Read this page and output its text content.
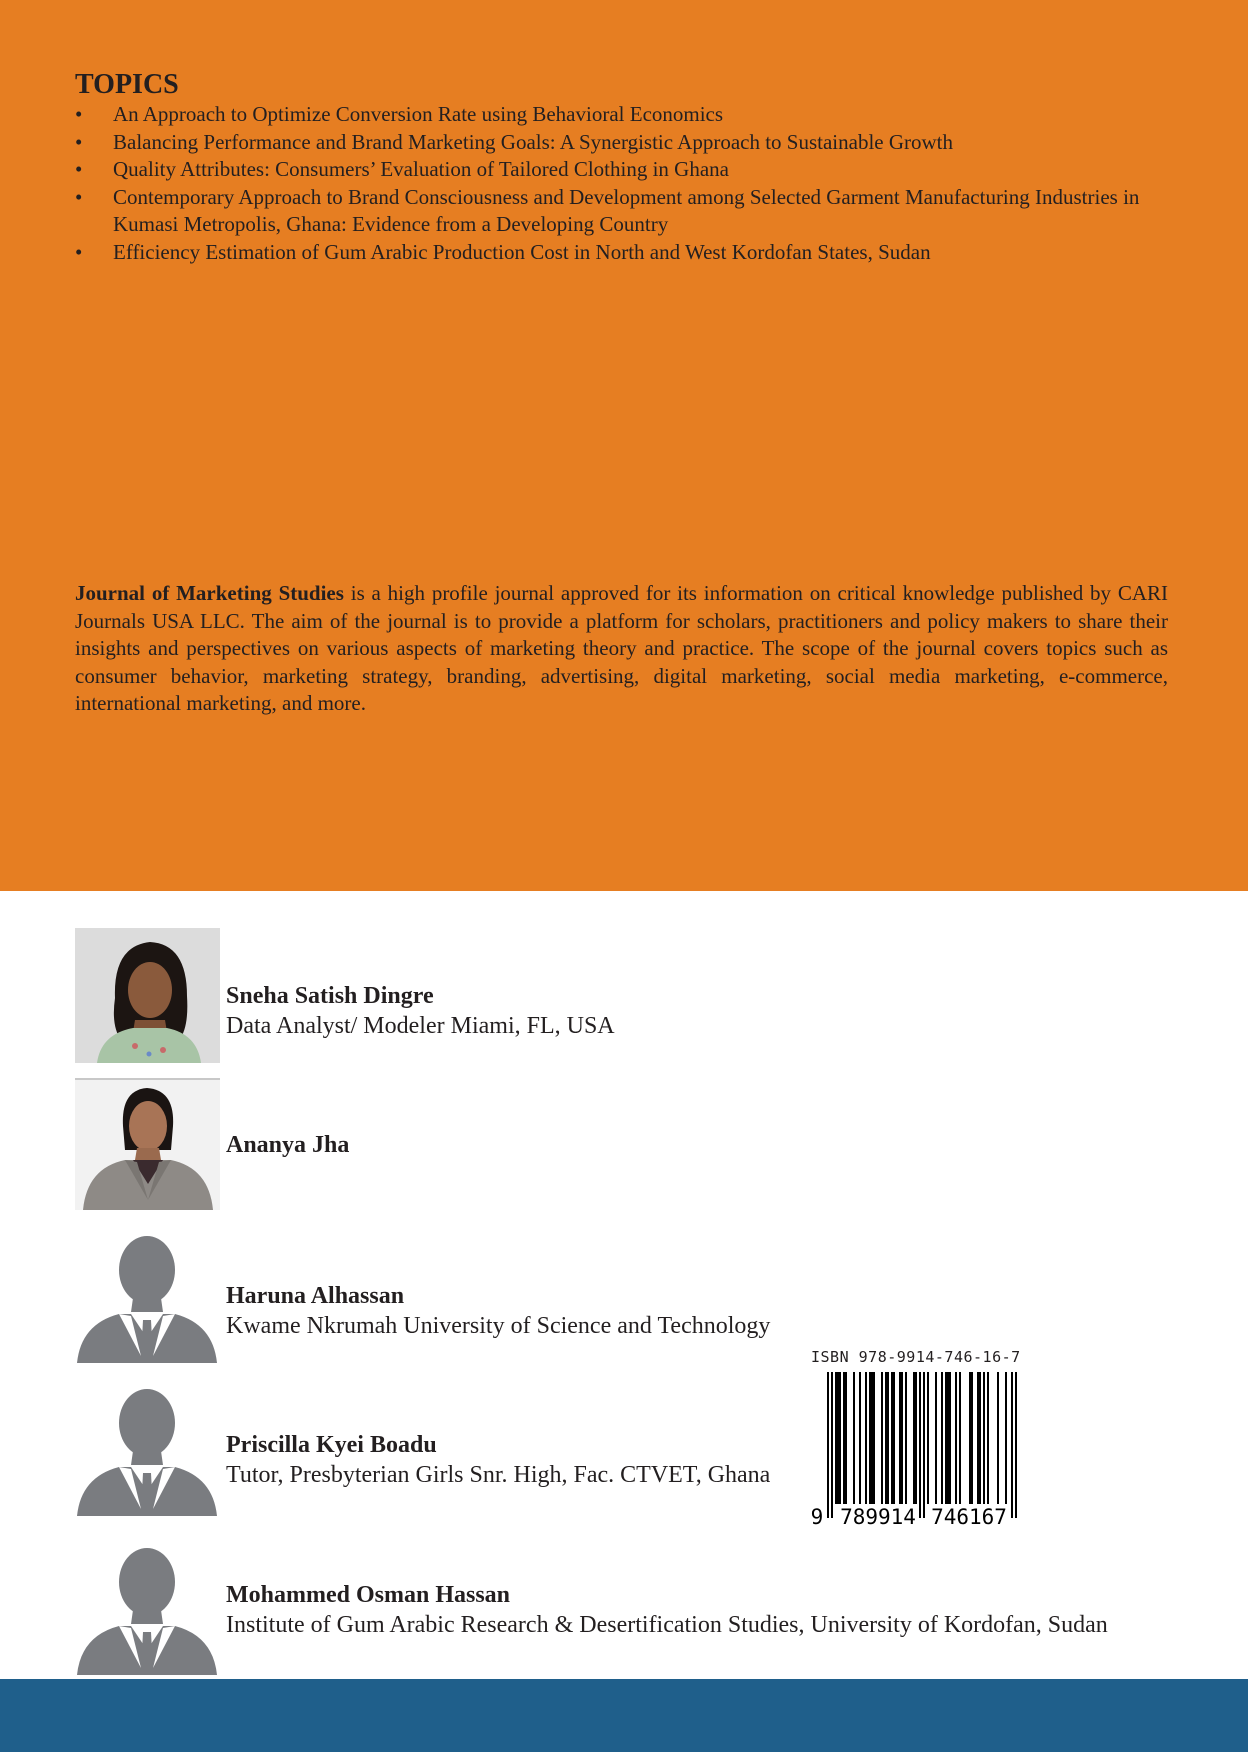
TOPICS
• An Approach to Optimize Conversion Rate using Behavioral Economics
• Balancing Performance and Brand Marketing Goals: A Synergistic Approach to Sustainable Growth
• Quality Attributes: Consumers’ Evaluation of Tailored Clothing in Ghana
• Contemporary Approach to Brand Consciousness and Development among Selected Garment Manufacturing Industries in Kumasi Metropolis, Ghana: Evidence from a Developing Country
• Efficiency Estimation of Gum Arabic Production Cost in North and West Kordofan States, Sudan

Journal of Marketing Studies is a high profile journal approved for its information on critical knowledge published by CARI Journals USA LLC. The aim of the journal is to provide a platform for scholars, practitioners and policy makers to share their insights and perspectives on various aspects of marketing theory and practice. The scope of the journal covers topics such as consumer behavior, marketing strategy, branding, advertising, digital marketing, social media marketing, e-commerce, international marketing, and more.

Sneha Satish Dingre
Data Analyst/ Modeler Miami, FL, USA
Ananya Jha
Haruna Alhassan
Kwame Nkrumah University of Science and Technology
Priscilla Kyei Boadu
Tutor, Presbyterian Girls Snr. High, Fac. CTVET, Ghana
Mohammed Osman Hassan
Institute of Gum Arabic Research & Desertification Studies, University of Kordofan, Sudan
ISBN 978-9914-746-16-7
9 789914 746167
